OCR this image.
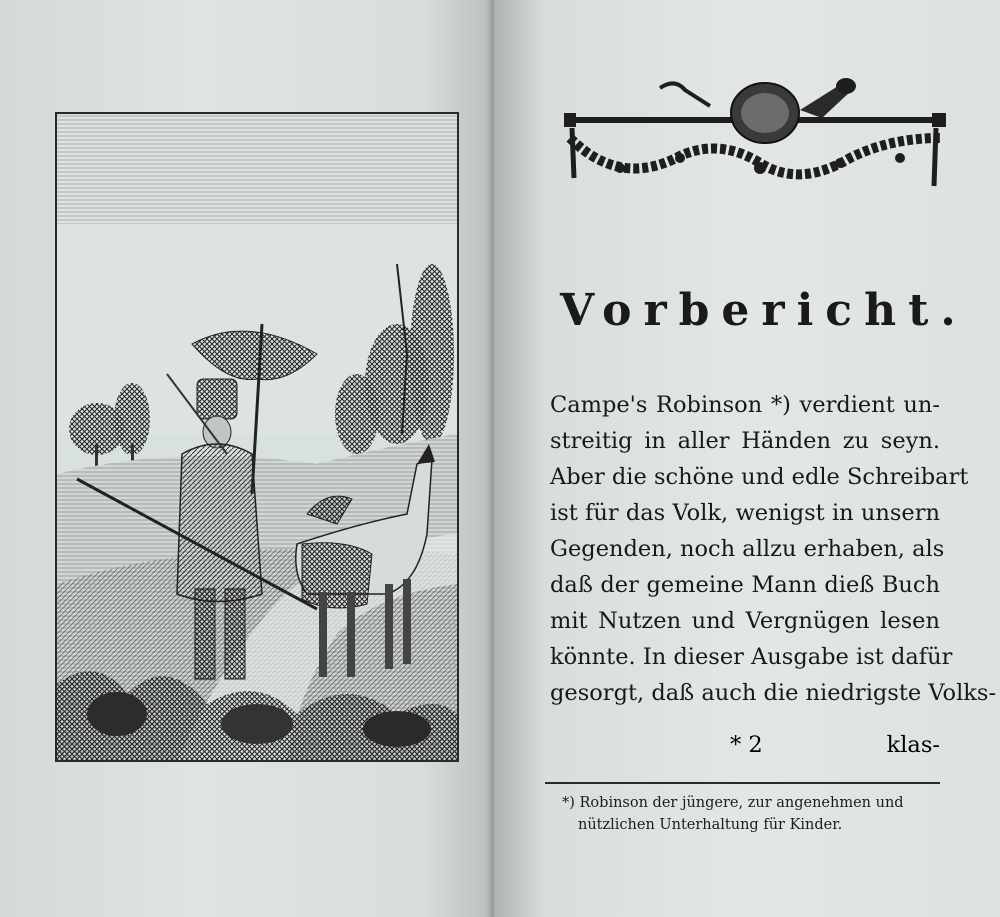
Vorbericht.
Campe's Robinson *) verdient un-
streitig in aller Händen zu seyn.
Aber die schöne und edle Schreibart
ist für das Volk, wenigst in unsern
Gegenden, noch allzu erhaben, als
daß der gemeine Mann dieß Buch
mit Nutzen und Vergnügen lesen
könnte. In dieser Ausgabe ist dafür
gesorgt, daß auch die niedrigste Volks-
* 2	klas-
*) Robinson der jüngere, zur angenehmen und
nützlichen Unterhaltung für Kinder.
